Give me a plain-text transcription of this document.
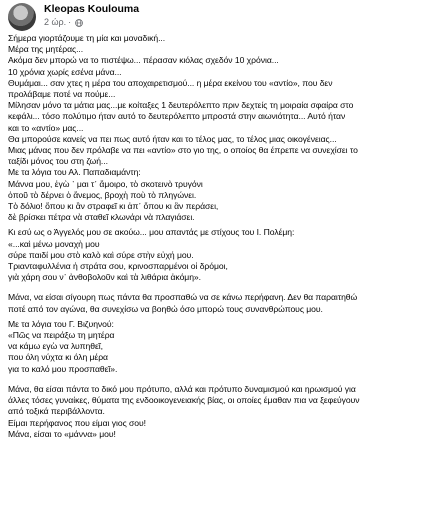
Kleopas Koulouma
2 ώρ. ·
Σήμερα γιορτάζουμε τη μία και μοναδική...
Μέρα της μητέρας...
Ακόμα δεν μπορώ να το πιστέψω... πέρασαν κιόλας σχεδόν 10 χρόνια...
10 χρόνια χωρίς εσένα μάνα...
Θυμάμαι... σαν χτες η μέρα του αποχαιρετισμού... η μέρα εκείνου του «αντίο», που δεν
προλάβαμε ποτέ να πούμε...
Μίλησαν μόνο τα μάτια μας...με κοίταξες 1 δευτερόλεπτο πριν δεχτείς τη μοιραία σφαίρα στο
κεφάλι... τόσο πολύτιμο ήταν αυτό το δευτερόλεπτο μπροστά στην αιωνιότητα... Αυτό ήταν
και το «αντίο» μας...
Θα μπορούσε κανείς να πει πως αυτό ήταν και το τέλος μας, το τέλος μιας οικογένειας...
Μιας μάνας που δεν πρόλαβε να πει «αντίο» στο γιο της, ο οποίος θα έπρεπε να συνεχίσει το
ταξίδι μόνος του στη ζωή...
Με τα λόγια του Αλ. Παπαδιαμάντη:
Μάννα μου, ἐγὼ ᾿ μαι τ᾿ ἄμοιρο, τὸ σκοτεινὸ τρυγόνι
ὁποῦ τὸ δέρνει ὁ ἄνεμος, βροχὴ ποὺ τὸ πληγώνει.
Τὸ δόλιο! ὅπου κι ἂν στραφεῖ κι ἀπ᾿ ὅπου κι ἂν περάσει,
δὲ βρίσκει πέτρα νὰ σταθεῖ κλωνάρι νὰ πλαγιάσει.
Κι εσύ ως ο Άγγελός μου σε ακούω... μου απαντάς με στίχους του Ι. Πολέμη:
«...καὶ μένω μοναχὴ μου
σύρε παιδί μου στὸ καλὸ καὶ σύρε στὴν εὐχή μου.
Τριανταφυλλένια ἡ στράτα σου, κρινοσπαρμένοι οἱ δρόμοι,
γιὰ χάρη σου ν᾿ ἀνθοβολοῦν καὶ τὰ λιθάρια ἀκόμη».
Μάνα, να είσαι σίγουρη πως πάντα θα προσπαθώ να σε κάνω περήφανη. Δεν θα παραιτηθώ
ποτέ από τον αγώνα, θα συνεχίσω να βοηθώ όσο μπορώ τους συνανθρώπους μου.
Με τα λόγια του Γ. Βιζυηνού:
«Πῶς να πειράξω τη μητέρα
να κάμω εγὼ να λυπηθεῖ,
που όλη νύχτα κι όλη μέρα
για το καλό μου προσπαθεῖ».
Μάνα, θα είσαι πάντα το δικό μου πρότυπο, αλλά και πρότυπο δυναμισμού και ηρωισμού για
άλλες τόσες γυναίκες, θύματα της ενδοοικογενειακής βίας, οι οποίες έμαθαν πια να ξεφεύγουν
από τοξικά περιβάλλοντα.
Είμαι περήφανος που είμαι γιος σου!
Μάνα, είσαι το «μάννα» μου!
